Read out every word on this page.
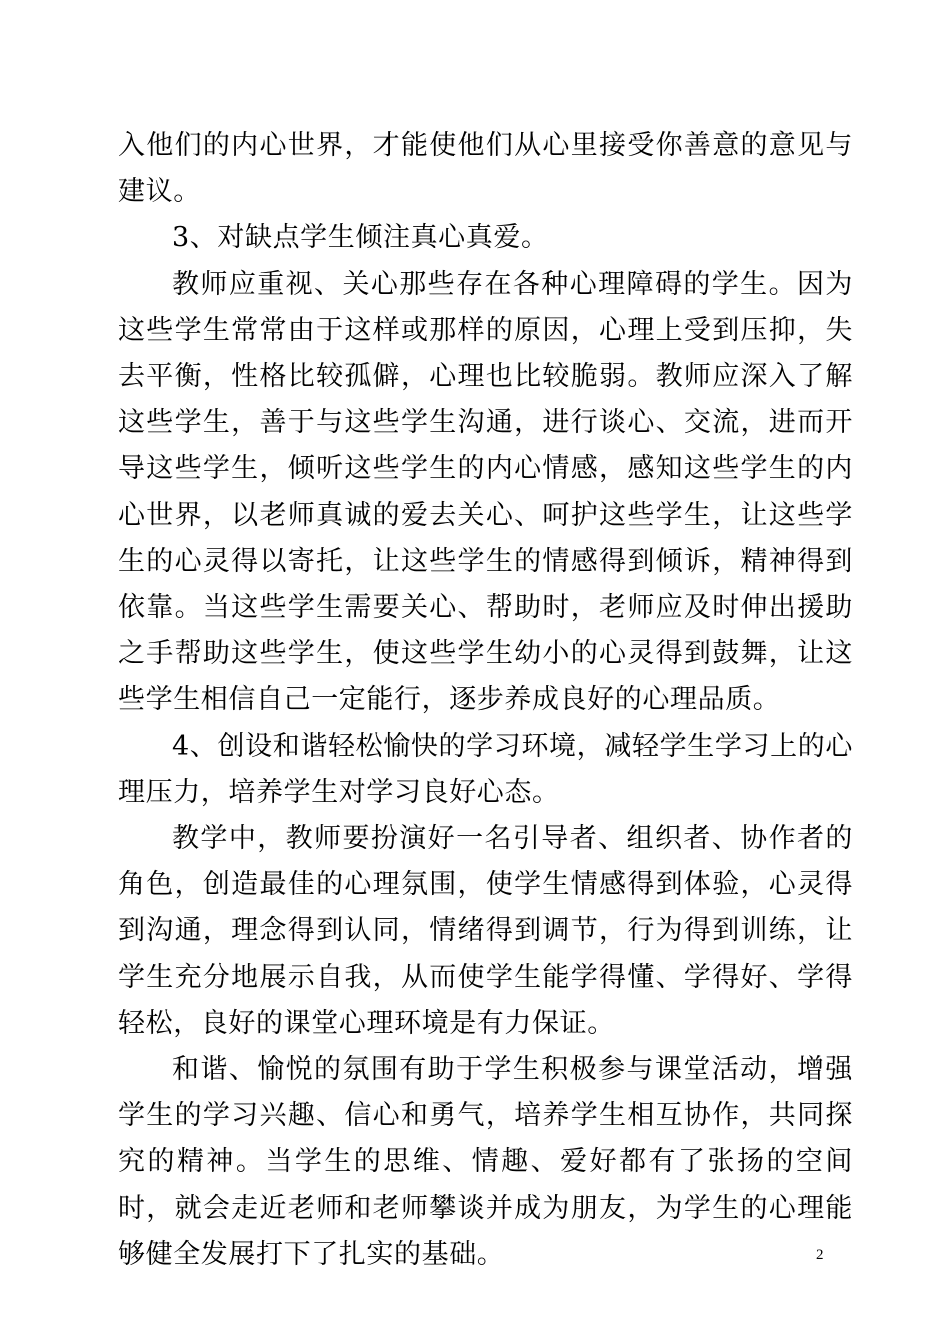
入他们的内心世界，才能使他们从心里接受你善意的意见与建议。

3、对缺点学生倾注真心真爱。

教师应重视、关心那些存在各种心理障碍的学生。因为这些学生常常由于这样或那样的原因，心理上受到压抑，失去平衡，性格比较孤僻，心理也比较脆弱。教师应深入了解这些学生，善于与这些学生沟通，进行谈心、交流，进而开导这些学生，倾听这些学生的内心情感，感知这些学生的内心世界，以老师真诚的爱去关心、呵护这些学生，让这些学生的心灵得以寄托，让这些学生的情感得到倾诉，精神得到依靠。当这些学生需要关心、帮助时，老师应及时伸出援助之手帮助这些学生，使这些学生幼小的心灵得到鼓舞，让这些学生相信自己一定能行，逐步养成良好的心理品质。

4、创设和谐轻松愉快的学习环境，减轻学生学习上的心理压力，培养学生对学习良好心态。

教学中，教师要扮演好一名引导者、组织者、协作者的角色，创造最佳的心理氛围，使学生情感得到体验，心灵得到沟通，理念得到认同，情绪得到调节，行为得到训练，让学生充分地展示自我，从而使学生能学得懂、学得好、学得轻松，良好的课堂心理环境是有力保证。

和谐、愉悦的氛围有助于学生积极参与课堂活动，增强学生的学习兴趣、信心和勇气，培养学生相互协作，共同探究的精神。当学生的思维、情趣、爱好都有了张扬的空间时，就会走近老师和老师攀谈并成为朋友，为学生的心理能够健全发展打下了扎实的基础。	2
